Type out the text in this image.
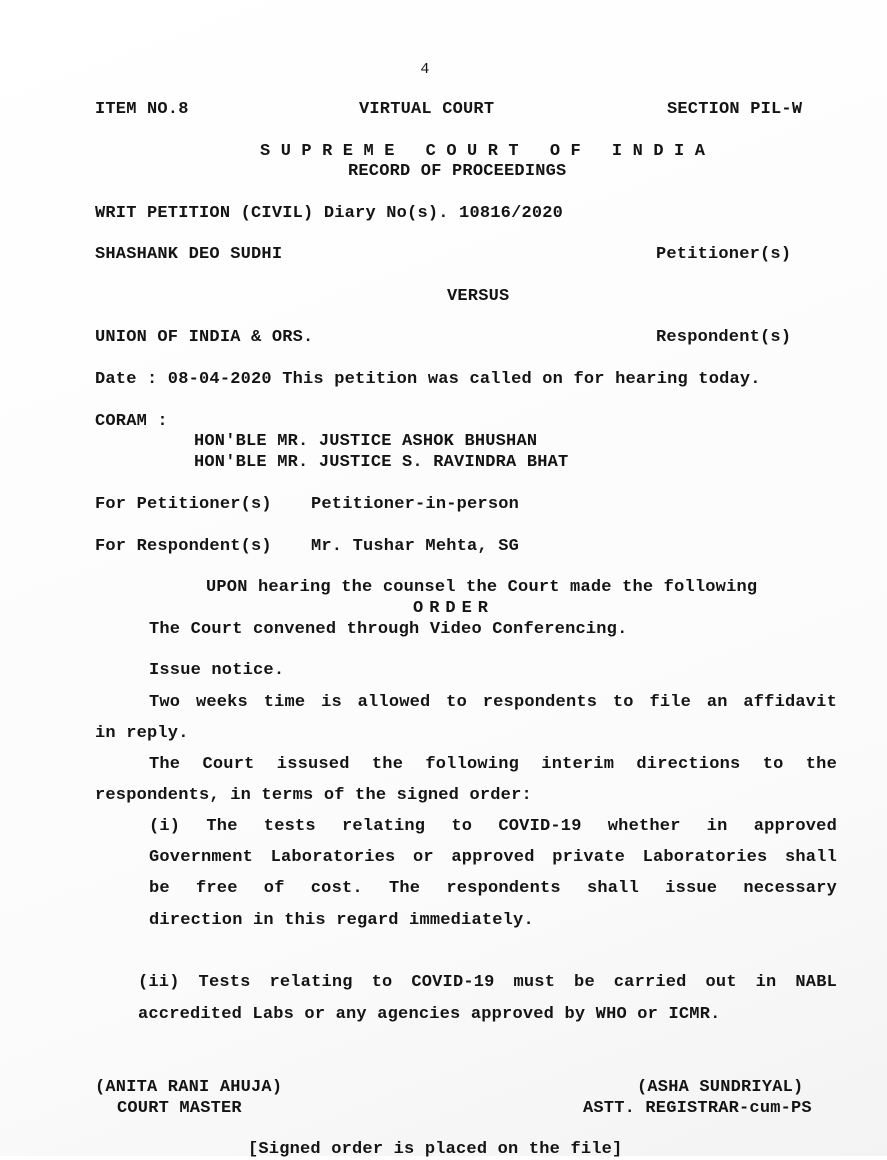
4
ITEM NO.8	VIRTUAL COURT	SECTION PIL-W
SUPREME COURT OF INDIA
RECORD OF PROCEEDINGS
WRIT PETITION (CIVIL) Diary No(s). 10816/2020
SHASHANK DEO SUDHI	Petitioner(s)
VERSUS
UNION OF INDIA & ORS.	Respondent(s)
Date : 08-04-2020 This petition was called on for hearing today.
CORAM :
HON'BLE MR. JUSTICE ASHOK BHUSHAN
HON'BLE MR. JUSTICE S. RAVINDRA BHAT
For Petitioner(s) Petitioner-in-person
For Respondent(s) Mr. Tushar Mehta, SG
UPON hearing the counsel the Court made the following
ORDER
The Court convened through Video Conferencing.
Issue notice.
Two weeks time is allowed to respondents to file an affidavit
in reply.
The Court issused the following interim directions to the
respondents, in terms of the signed order:
(i) The tests relating to COVID-19 whether in approved
Government Laboratories or approved private Laboratories shall
be free of cost. The respondents shall issue necessary
direction in this regard immediately.
(ii) Tests relating to COVID-19 must be carried out in NABL
accredited Labs or any agencies approved by WHO or ICMR.
(ANITA RANI AHUJA)
COURT MASTER
(ASHA SUNDRIYAL)
ASTT. REGISTRAR-cum-PS
[Signed order is placed on the file]
